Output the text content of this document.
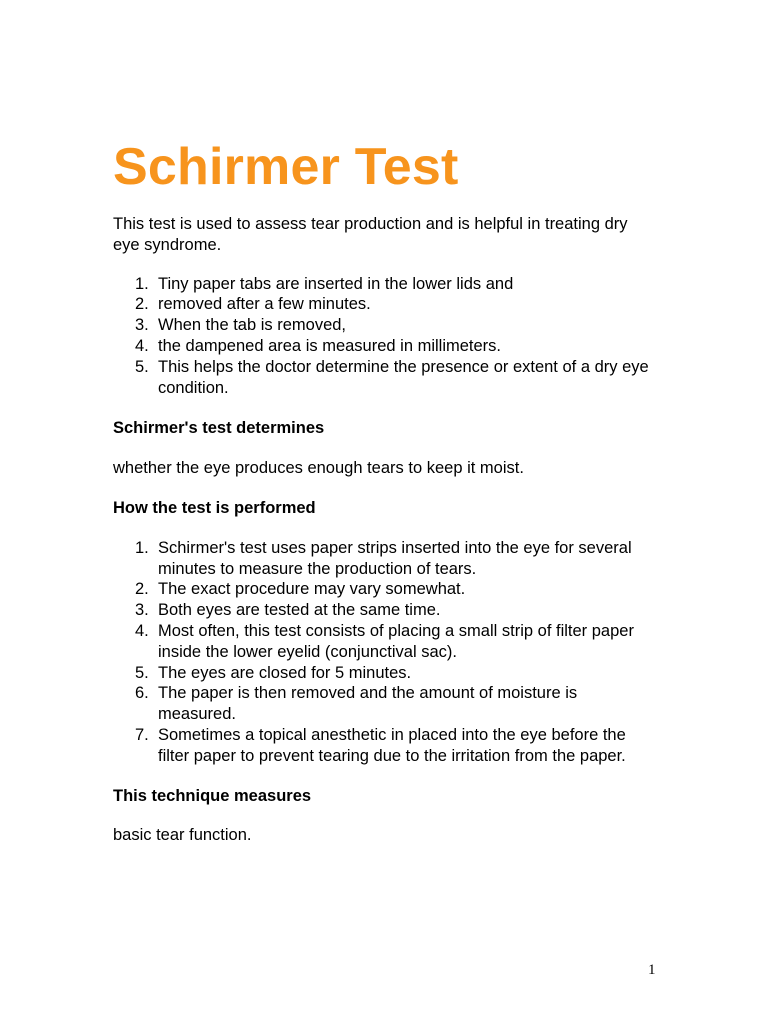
Schirmer Test

This test is used to assess tear production and is helpful in treating dry eye syndrome.

1. Tiny paper tabs are inserted in the lower lids and
2. removed after a few minutes.
3. When the tab is removed,
4. the dampened area is measured in millimeters.
5. This helps the doctor determine the presence or extent of a dry eye condition.

Schirmer's test determines

whether the eye produces enough tears to keep it moist.

How the test is performed

1. Schirmer's test uses paper strips inserted into the eye for several minutes to measure the production of tears.
2. The exact procedure may vary somewhat.
3. Both eyes are tested at the same time.
4. Most often, this test consists of placing a small strip of filter paper inside the lower eyelid (conjunctival sac).
5. The eyes are closed for 5 minutes.
6. The paper is then removed and the amount of moisture is measured.
7. Sometimes a topical anesthetic in placed into the eye before the filter paper to prevent tearing due to the irritation from the paper.

This technique measures

basic tear function.

1
